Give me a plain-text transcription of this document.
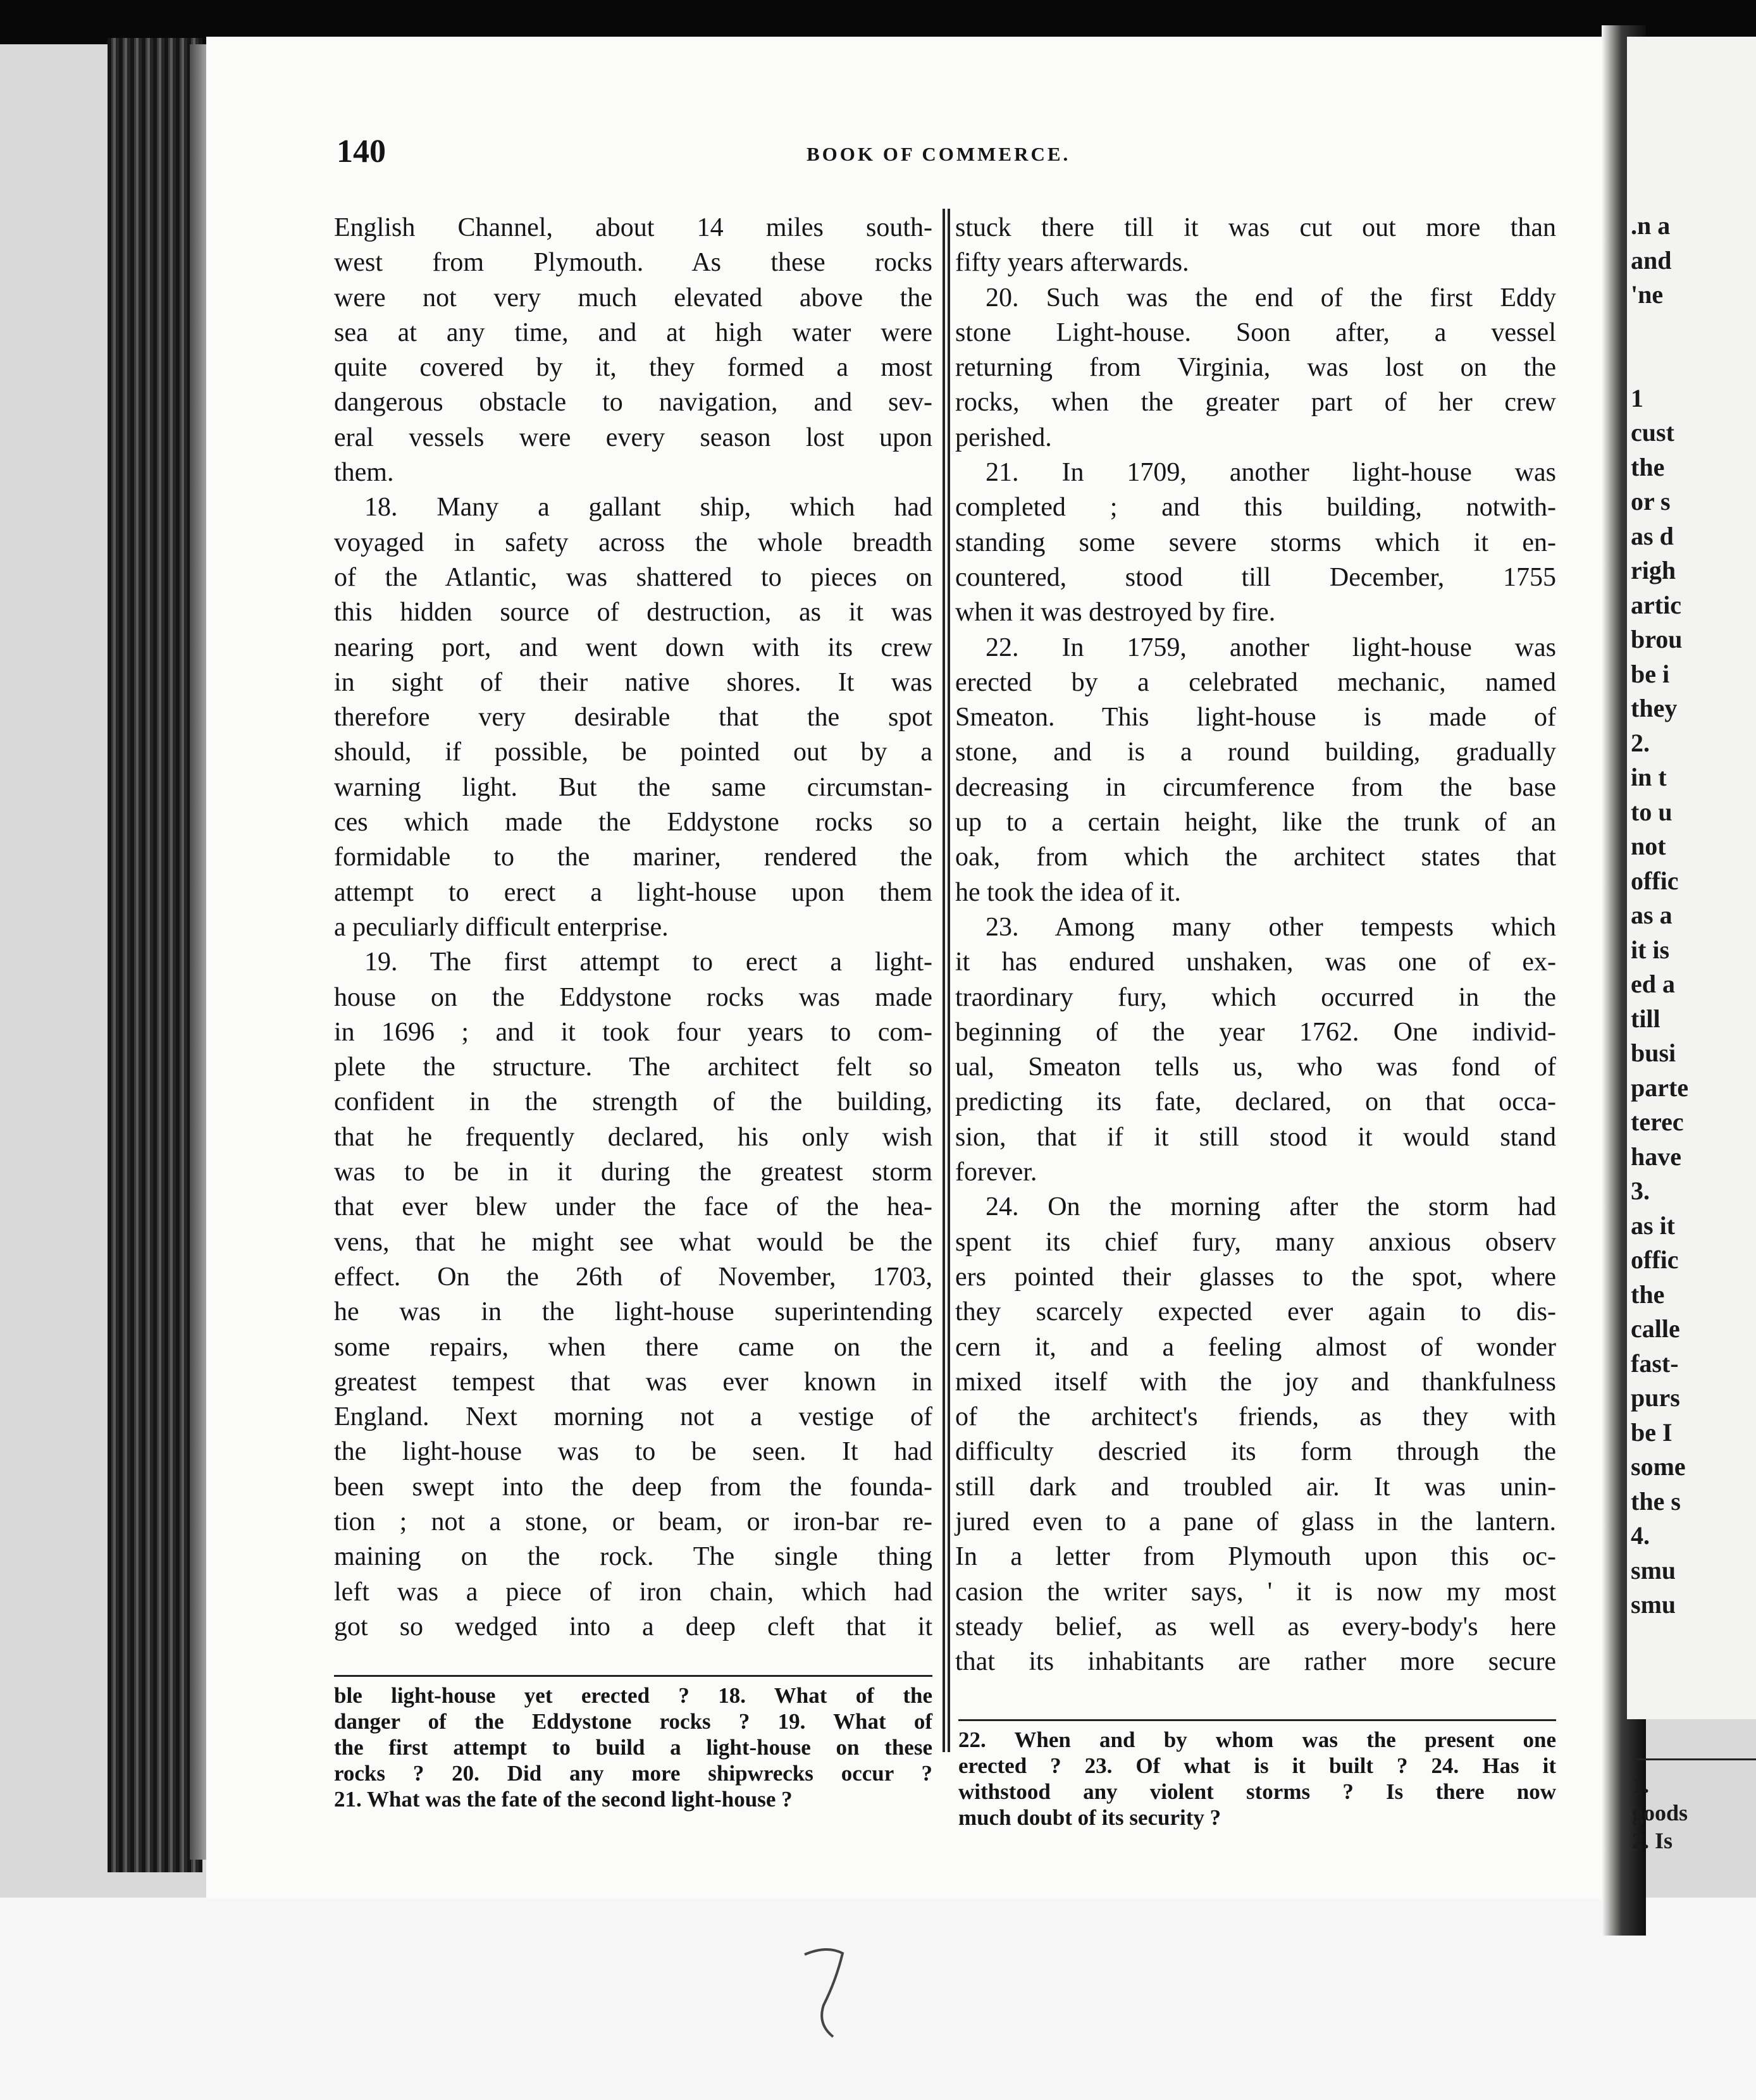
140	BOOK OF COMMERCE.
English Channel, about 14 miles south-
west from Plymouth. As these rocks
were not very much elevated above the
sea at any time, and at high water were
quite covered by it, they formed a most
dangerous obstacle to navigation, and sev-
eral vessels were every season lost upon
them.
18. Many a gallant ship, which had
voyaged in safety across the whole breadth
of the Atlantic, was shattered to pieces on
this hidden source of destruction, as it was
nearing port, and went down with its crew
in sight of their native shores. It was
therefore very desirable that the spot
should, if possible, be pointed out by a
warning light. But the same circumstan-
ces which made the Eddystone rocks so
formidable to the mariner, rendered the
attempt to erect a light-house upon them
a peculiarly difficult enterprise.
19. The first attempt to erect a light-
house on the Eddystone rocks was made
in 1696 ; and it took four years to com-
plete the structure. The architect felt so
confident in the strength of the building,
that he frequently declared, his only wish
was to be in it during the greatest storm
that ever blew under the face of the hea-
vens, that he might see what would be the
effect. On the 26th of November, 1703,
he was in the light-house superintending
some repairs, when there came on the
greatest tempest that was ever known in
England. Next morning not a vestige of
the light-house was to be seen. It had
been swept into the deep from the founda-
tion ; not a stone, or beam, or iron-bar re-
maining on the rock. The single thing
left was a piece of iron chain, which had
got so wedged into a deep cleft that it
stuck there till it was cut out more than
fifty years afterwards.
20. Such was the end of the first Eddy
stone Light-house. Soon after, a vessel
returning from Virginia, was lost on the
rocks, when the greater part of her crew
perished.
21. In 1709, another light-house was
completed ; and this building, notwith-
standing some severe storms which it en-
countered, stood till December, 1755
when it was destroyed by fire.
22. In 1759, another light-house was
erected by a celebrated mechanic, named
Smeaton. This light-house is made of
stone, and is a round building, gradually
decreasing in circumference from the base
up to a certain height, like the trunk of an
oak, from which the architect states that
he took the idea of it.
23. Among many other tempests which
it has endured unshaken, was one of ex-
traordinary fury, which occurred in the
beginning of the year 1762. One individ-
ual, Smeaton tells us, who was fond of
predicting its fate, declared, on that occa-
sion, that if it still stood it would stand
forever.
24. On the morning after the storm had
spent its chief fury, many anxious observ
ers pointed their glasses to the spot, where
they scarcely expected ever again to dis-
cern it, and a feeling almost of wonder
mixed itself with the joy and thankfulness
of the architect's friends, as they with
difficulty descried its form through the
still dark and troubled air. It was unin-
jured even to a pane of glass in the lantern.
In a letter from Plymouth upon this oc-
casion the writer says, ' it is now my most
steady belief, as well as every-body's here
that its inhabitants are rather more secure
ble light-house yet erected ? 18. What of the
danger of the Eddystone rocks ? 19. What of
the first attempt to build a light-house on these
rocks ? 20. Did any more shipwrecks occur ?
21. What was the fate of the second light-house ?
22. When and by whom was the present one
erected ? 23. Of what is it built ? 24. Has it
withstood any violent storms ? Is there now
much doubt of its security ?
.n a
and
'ne

1
cust
the
or s
as d
righ
artic
brou
be i
they
2.
in t
to u
not
offic
as a
it is
ed a
till
busi
parte
terec
have
3.
as it
offic
the
calle
fast-
purs
be I
some
the s
4.
smu
smu
1.
goods
2. Is
